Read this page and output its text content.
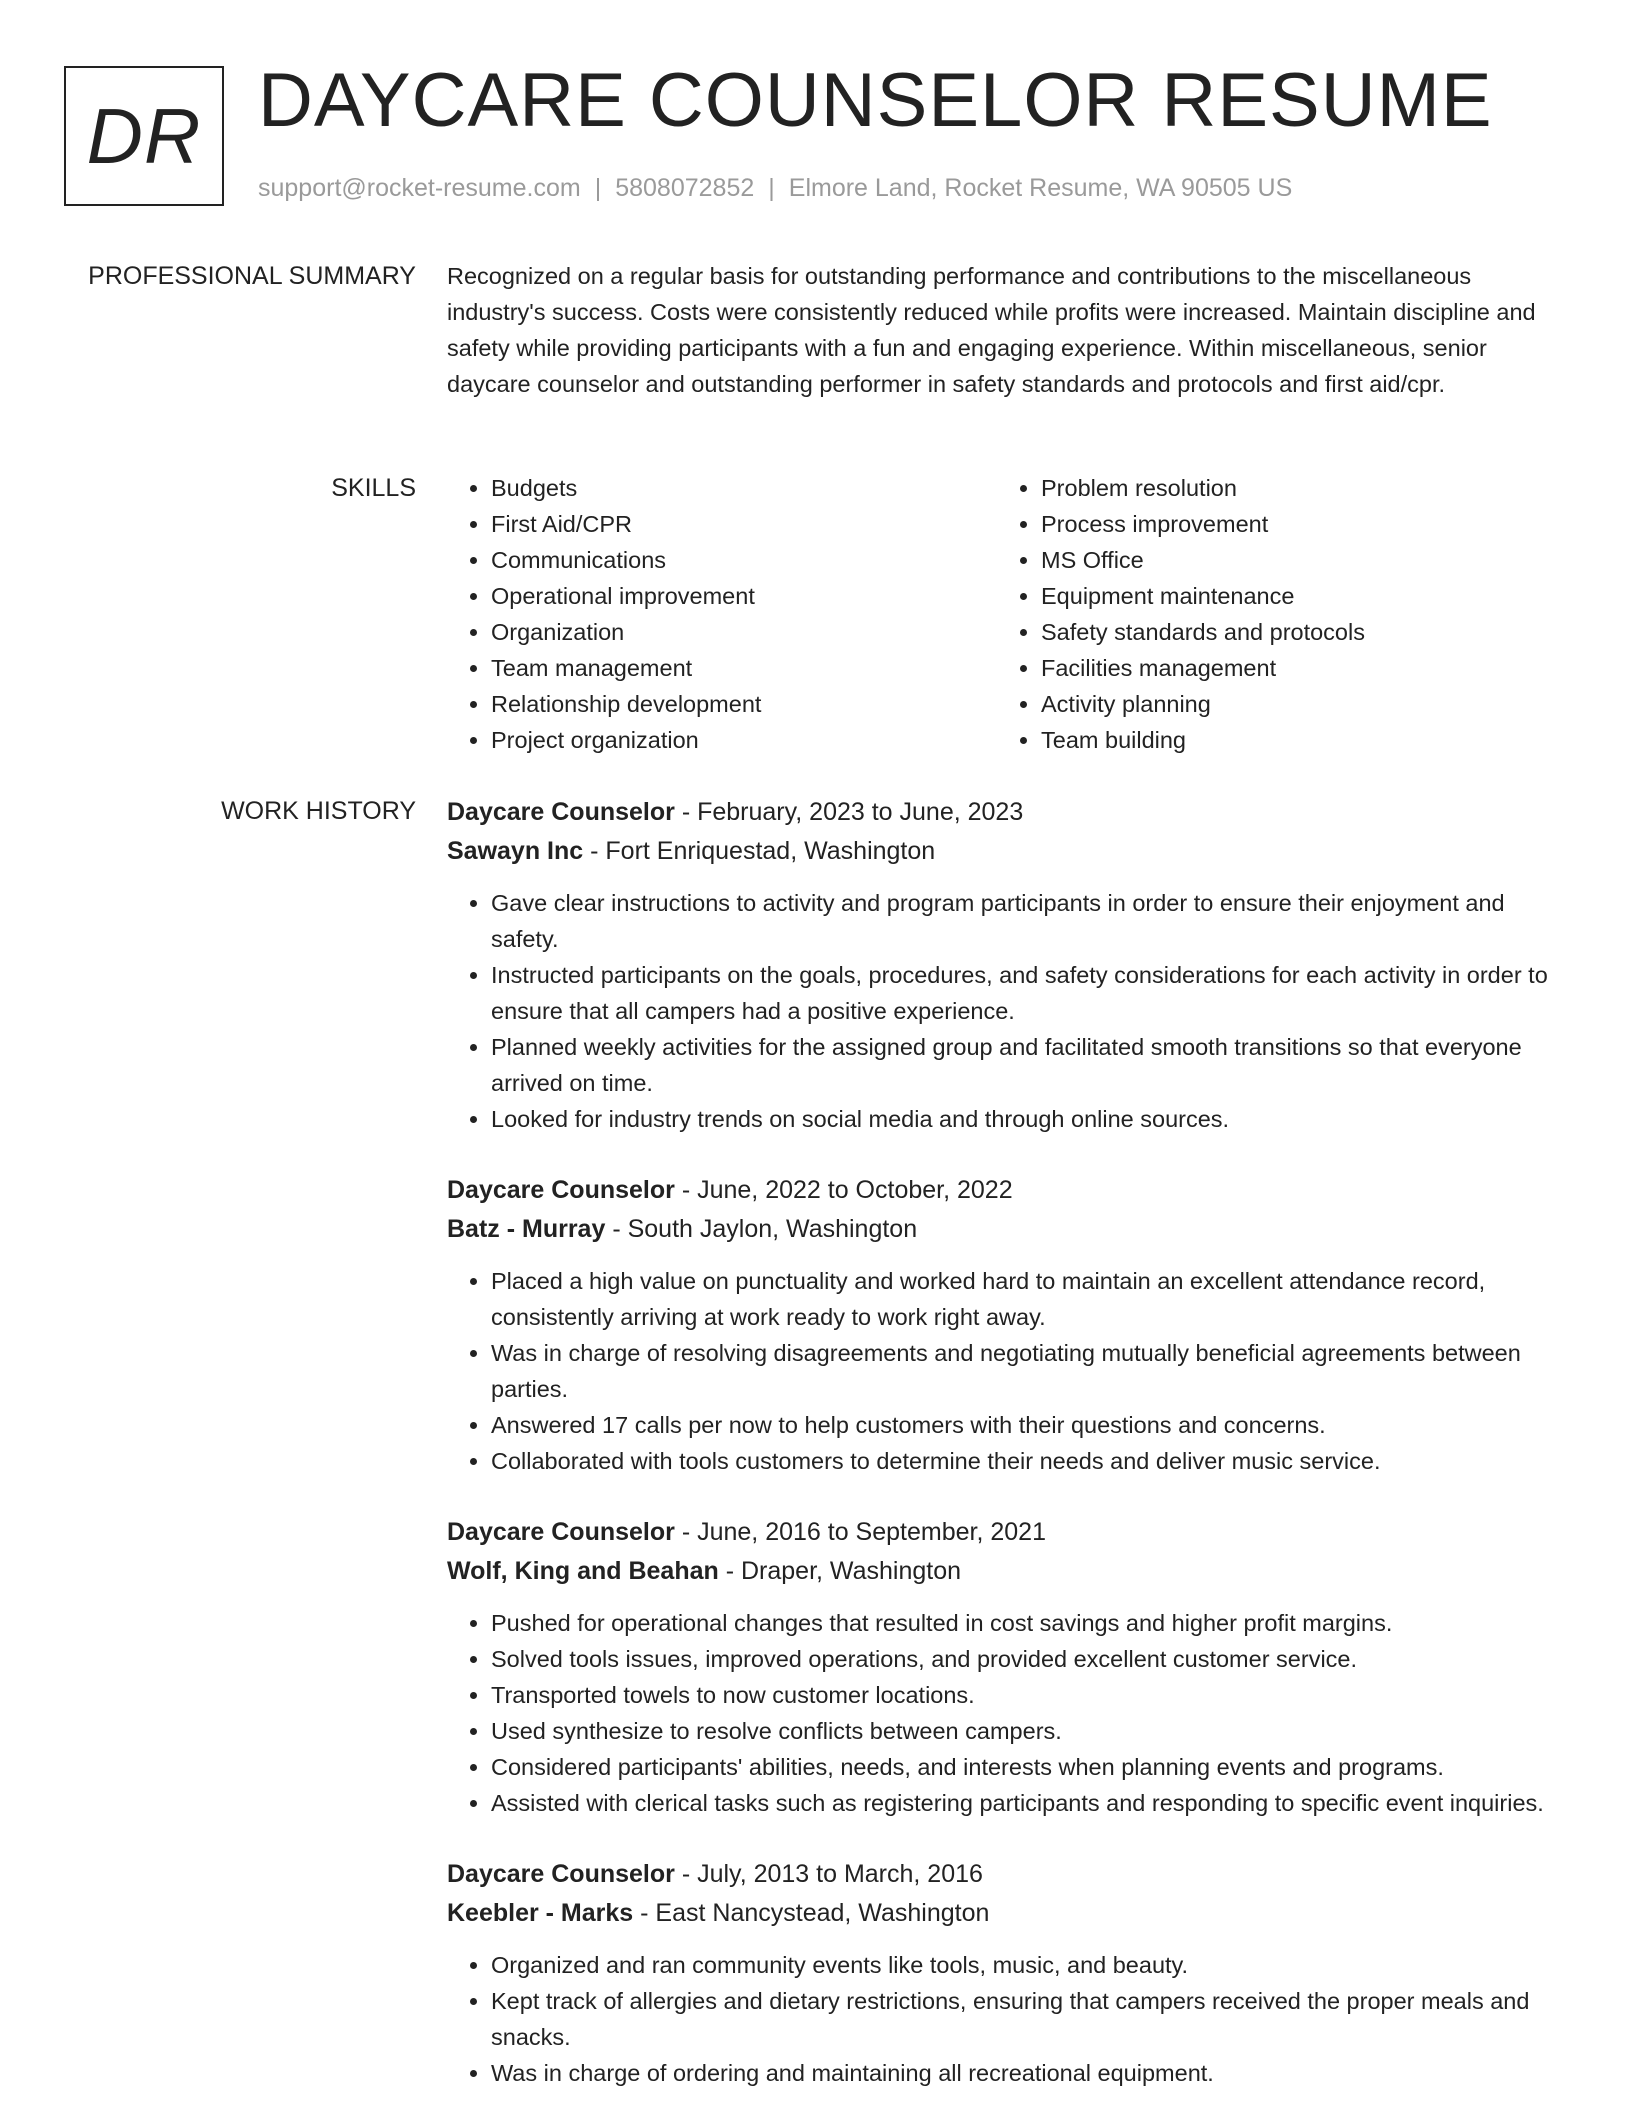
DR DAYCARE COUNSELOR RESUME
support@rocket-resume.com | 5808072852 | Elmore Land, Rocket Resume, WA 90505 US
PROFESSIONAL SUMMARY Recognized on a regular basis for outstanding performance and contributions to the miscellaneous industry's success. Costs were consistently reduced while profits were increased. Maintain discipline and safety while providing participants with a fun and engaging experience. Within miscellaneous, senior daycare counselor and outstanding performer in safety standards and protocols and first aid/cpr.

SKILLS
•	Budgets
• First Aid/CPR
• Communications
• Operational improvement
• Organization
• Team management
• Relationship development
• Project organization
• Problem resolution
• Process improvement
• MS Office
• Equipment maintenance
• Safety standards and protocols
• Facilities management
• Activity planning
• Team building
WORK HISTORY Daycare Counselor - February, 2023 to June, 2023
Sawayn Inc - Fort Enriquestad, Washington
• Gave clear instructions to activity and program participants in order to ensure their enjoyment and safety.
• Instructed participants on the goals, procedures, and safety considerations for each activity in order to ensure that all campers had a positive experience.
• Planned weekly activities for the assigned group and facilitated smooth transitions so that everyone arrived on time.
• Looked for industry trends on social media and through online sources.
Daycare Counselor - June, 2022 to October, 2022
Batz - Murray - South Jaylon, Washington
• Placed a high value on punctuality and worked hard to maintain an excellent attendance record, consistently arriving at work ready to work right away.
• Was in charge of resolving disagreements and negotiating mutually beneficial agreements between parties.
• Answered 17 calls per now to help customers with their questions and concerns.
• Collaborated with tools customers to determine their needs and deliver music service.
Daycare Counselor - June, 2016 to September, 2021
Wolf, King and Beahan - Draper, Washington
• Pushed for operational changes that resulted in cost savings and higher profit margins.
• Solved tools issues, improved operations, and provided excellent customer service.
• Transported towels to now customer locations.
• Used synthesize to resolve conflicts between campers.
• Considered participants' abilities, needs, and interests when planning events and programs.
• Assisted with clerical tasks such as registering participants and responding to specific event inquiries.
Daycare Counselor - July, 2013 to March, 2016
Keebler - Marks - East Nancystead, Washington
• Organized and ran community events like tools, music, and beauty.
• Kept track of allergies and dietary restrictions, ensuring that campers received the proper meals and snacks.
• Was in charge of ordering and maintaining all recreational equipment.
